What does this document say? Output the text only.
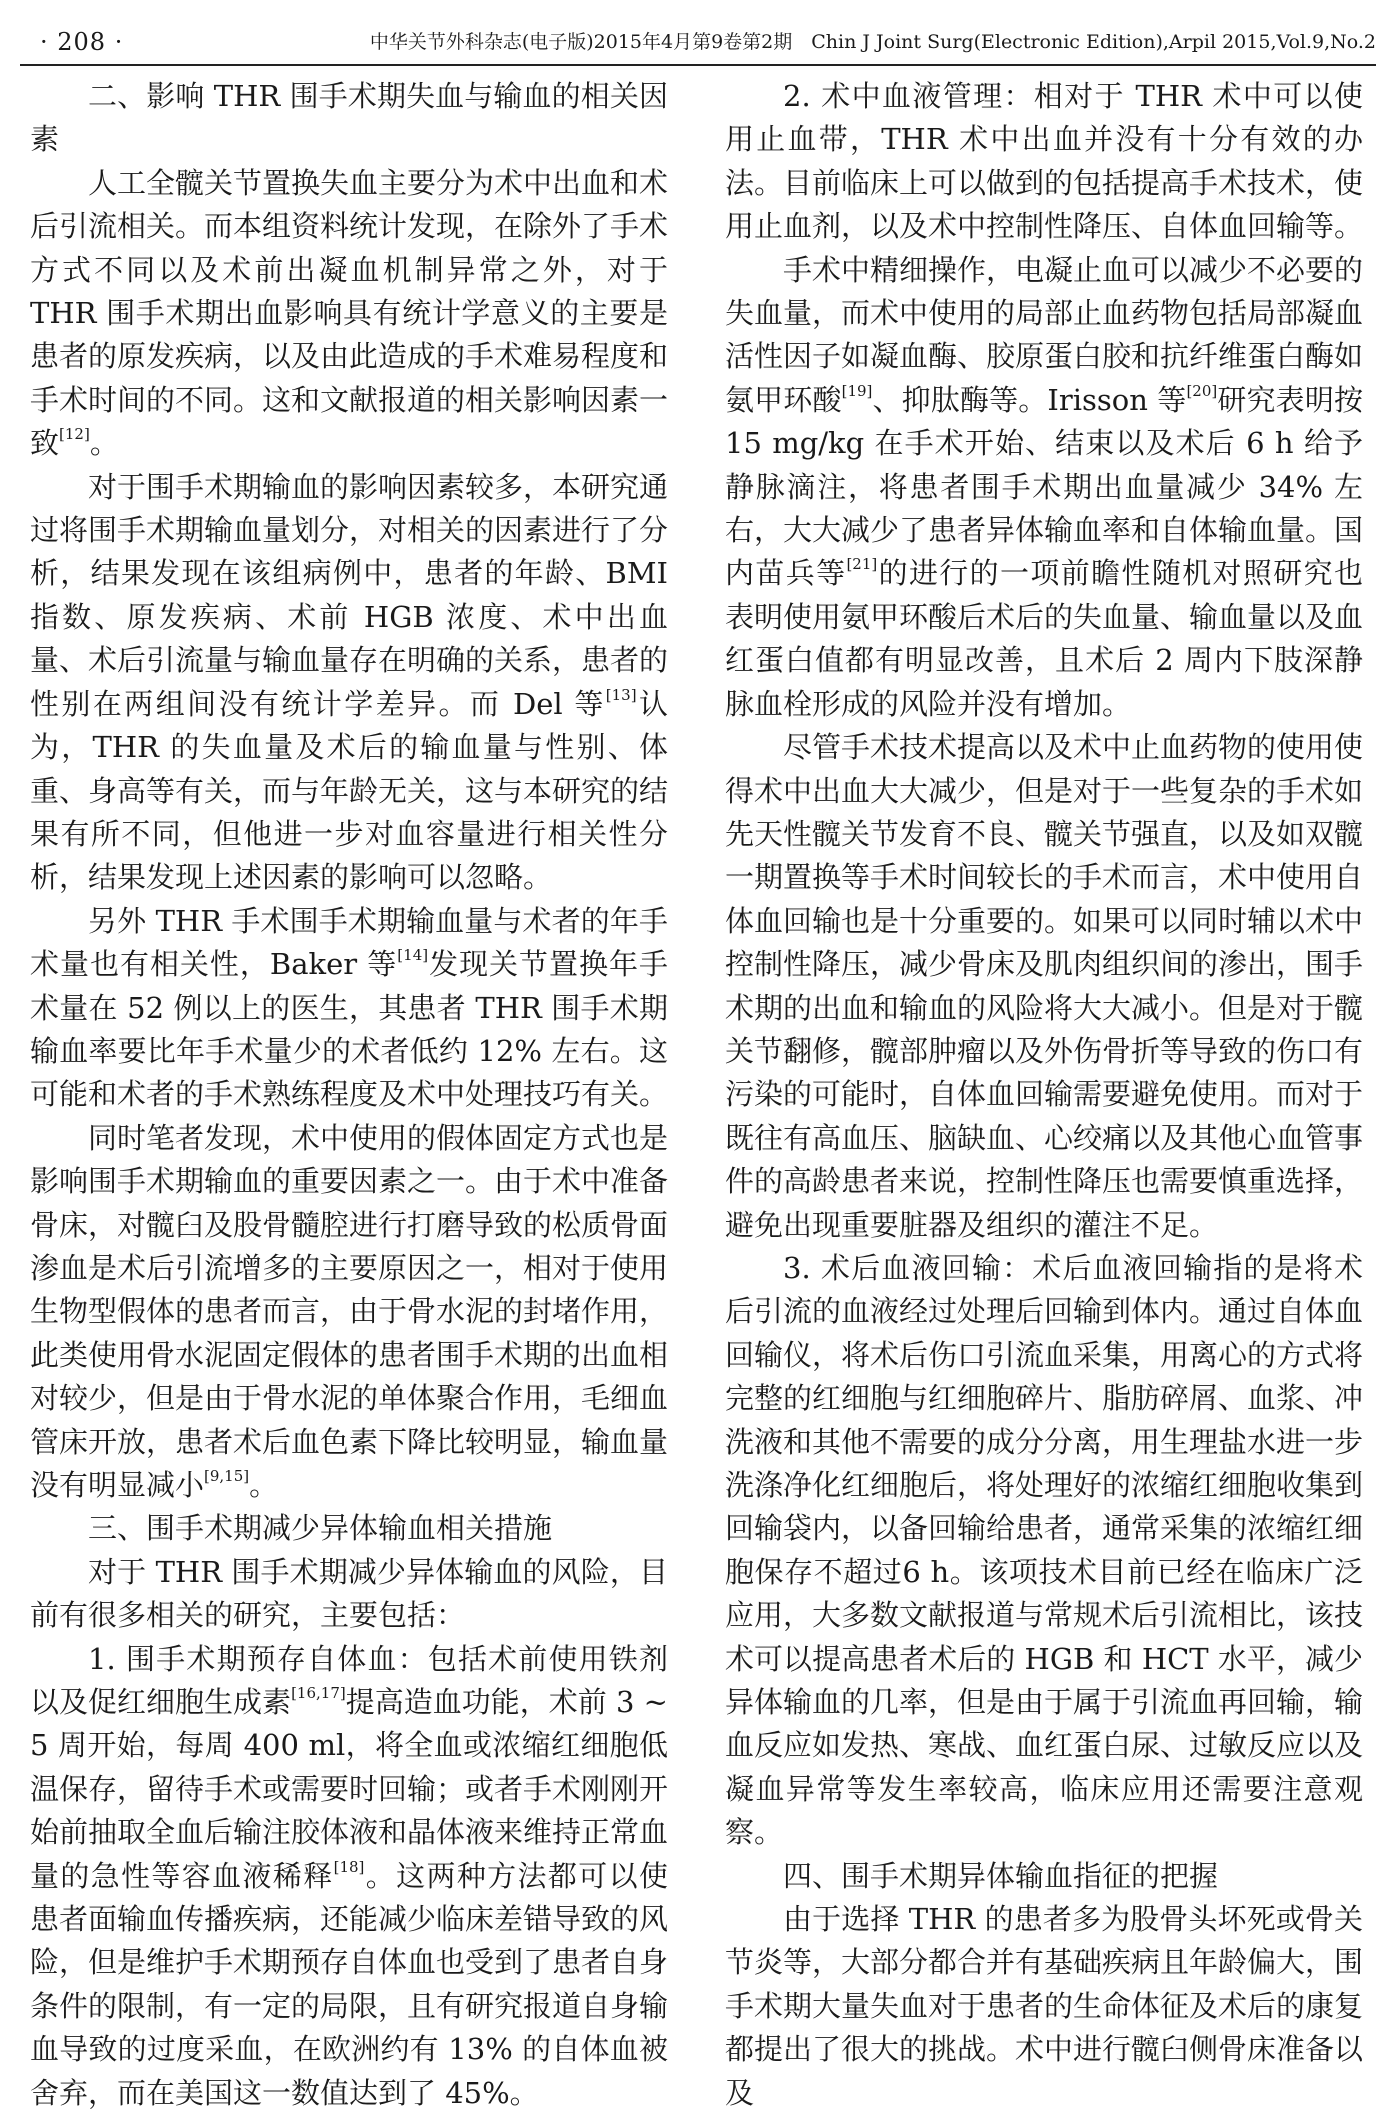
· 208 ·	中华关节外科杂志(电子版)2015年4月第9卷第2期　Chin J Joint Surg(Electronic Edition),Arpil 2015,Vol.9,No.2

二、影响 THR 围手术期失血与输血的相关因素

人工全髋关节置换失血主要分为术中出血和术后引流相关。而本组资料统计发现，在除外了手术方式不同以及术前出凝血机制异常之外，对于 THR 围手术期出血影响具有统计学意义的主要是患者的原发疾病，以及由此造成的手术难易程度和手术时间的不同。这和文献报道的相关影响因素一致[12]。

对于围手术期输血的影响因素较多，本研究通过将围手术期输血量划分，对相关的因素进行了分析，结果发现在该组病例中，患者的年龄、BMI 指数、原发疾病、术前 HGB 浓度、术中出血量、术后引流量与输血量存在明确的关系，患者的性别在两组间没有统计学差异。而 Del 等[13]认为，THR 的失血量及术后的输血量与性别、体重、身高等有关，而与年龄无关，这与本研究的结果有所不同，但他进一步对血容量进行相关性分析，结果发现上述因素的影响可以忽略。

另外 THR 手术围手术期输血量与术者的年手术量也有相关性，Baker 等[14]发现关节置换年手术量在 52 例以上的医生，其患者 THR 围手术期输血率要比年手术量少的术者低约 12% 左右。这可能和术者的手术熟练程度及术中处理技巧有关。

同时笔者发现，术中使用的假体固定方式也是影响围手术期输血的重要因素之一。由于术中准备骨床，对髋臼及股骨髓腔进行打磨导致的松质骨面渗血是术后引流增多的主要原因之一，相对于使用生物型假体的患者而言，由于骨水泥的封堵作用，此类使用骨水泥固定假体的患者围手术期的出血相对较少，但是由于骨水泥的单体聚合作用，毛细血管床开放，患者术后血色素下降比较明显，输血量没有明显减小[9,15]。

三、围手术期减少异体输血相关措施

对于 THR 围手术期减少异体输血的风险，目前有很多相关的研究，主要包括：

1. 围手术期预存自体血：包括术前使用铁剂以及促红细胞生成素[16,17]提高造血功能，术前 3 ~ 5 周开始，每周 400 ml，将全血或浓缩红细胞低温保存，留待手术或需要时回输；或者手术刚刚开始前抽取全血后输注胶体液和晶体液来维持正常血量的急性等容血液稀释[18]。这两种方法都可以使患者面输血传播疾病，还能减少临床差错导致的风险，但是维护手术期预存自体血也受到了患者自身条件的限制，有一定的局限，且有研究报道自身输血导致的过度采血，在欧洲约有 13% 的自体血被舍弃，而在美国这一数值达到了 45%。

2. 术中血液管理：相对于 THR 术中可以使用止血带，THR 术中出血并没有十分有效的办法。目前临床上可以做到的包括提高手术技术，使用止血剂，以及术中控制性降压、自体血回输等。

手术中精细操作，电凝止血可以减少不必要的失血量，而术中使用的局部止血药物包括局部凝血活性因子如凝血酶、胶原蛋白胶和抗纤维蛋白酶如氨甲环酸[19]、抑肽酶等。Irisson 等[20]研究表明按 15 mg/kg 在手术开始、结束以及术后 6 h 给予静脉滴注，将患者围手术期出血量减少 34% 左右，大大减少了患者异体输血率和自体输血量。国内苗兵等[21]的进行的一项前瞻性随机对照研究也表明使用氨甲环酸后术后的失血量、输血量以及血红蛋白值都有明显改善，且术后 2 周内下肢深静脉血栓形成的风险并没有增加。

尽管手术技术提高以及术中止血药物的使用使得术中出血大大减少，但是对于一些复杂的手术如先天性髋关节发育不良、髋关节强直，以及如双髋一期置换等手术时间较长的手术而言，术中使用自体血回输也是十分重要的。如果可以同时辅以术中控制性降压，减少骨床及肌肉组织间的渗出，围手术期的出血和输血的风险将大大减小。但是对于髋关节翻修，髋部肿瘤以及外伤骨折等导致的伤口有污染的可能时，自体血回输需要避免使用。而对于既往有高血压、脑缺血、心绞痛以及其他心血管事件的高龄患者来说，控制性降压也需要慎重选择，避免出现重要脏器及组织的灌注不足。

3. 术后血液回输：术后血液回输指的是将术后引流的血液经过处理后回输到体内。通过自体血回输仪，将术后伤口引流血采集，用离心的方式将完整的红细胞与红细胞碎片、脂肪碎屑、血浆、冲洗液和其他不需要的成分分离，用生理盐水进一步洗涤净化红细胞后，将处理好的浓缩红细胞收集到回输袋内，以备回输给患者，通常采集的浓缩红细胞保存不超过6 h。该项技术目前已经在临床广泛应用，大多数文献报道与常规术后引流相比，该技术可以提高患者术后的 HGB 和 HCT 水平，减少异体输血的几率，但是由于属于引流血再回输，输血反应如发热、寒战、血红蛋白尿、过敏反应以及凝血异常等发生率较高，临床应用还需要注意观察。

四、围手术期异体输血指征的把握

由于选择 THR 的患者多为股骨头坏死或骨关节炎等，大部分都合并有基础疾病且年龄偏大，围手术期大量失血对于患者的生命体征及术后的康复都提出了很大的挑战。术中进行髋臼侧骨床准备以及
